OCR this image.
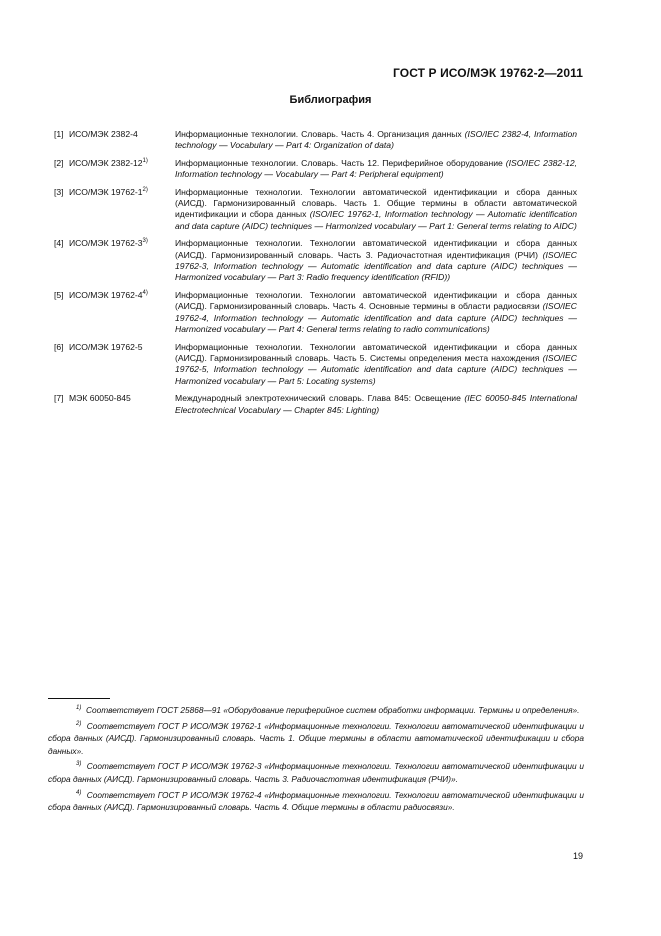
ГОСТ Р ИСО/МЭК 19762-2—2011
Библиография
[1] ИСО/МЭК 2382-4	Информационные технологии. Словарь. Часть 4. Организация данных (ISO/IEC 2382-4, Information technology — Vocabulary — Part 4: Organization of data)
[2] ИСО/МЭК 2382-12$^{1)}$	Информационные технологии. Словарь. Часть 12. Периферийное оборудование (ISO/IEC 2382-12, Information technology — Vocabulary — Part 4: Peripheral equipment)
[3] ИСО/МЭК 19762-1$^{2)}$	Информационные технологии. Технологии автоматической идентификации и сбора данных (АИСД). Гармонизированный словарь. Часть 1. Общие термины в области автоматической идентификации и сбора данных (ISO/IEC 19762-1, Information technology — Automatic identification and data capture (AIDC) techniques — Harmonized vocabulary — Part 1: General terms relating to AIDC)
[4] ИСО/МЭК 19762-3$^{3)}$	Информационные технологии. Технологии автоматической идентификации и сбора данных (АИСД). Гармонизированный словарь. Часть 3. Радиочастотная идентификация (РЧИ) (ISO/IEC 19762-3, Information technology — Automatic identification and data capture (AIDC) techniques — Harmonized vocabulary — Part 3: Radio frequency identification (RFID))
[5] ИСО/МЭК 19762-4$^{4)}$	Информационные технологии. Технологии автоматической идентификации и сбора данных (АИСД). Гармонизированный словарь. Часть 4. Основные термины в области радиосвязи (ISO/IEC 19762-4, Information technology — Automatic identification and data capture (AIDC) techniques — Harmonized vocabulary — Part 4: General terms relating to radio communications)
[6] ИСО/МЭК 19762-5	Информационные технологии. Технологии автоматической идентификации и сбора данных (АИСД). Гармонизированный словарь. Часть 5. Системы определения места нахождения (ISO/IEC 19762-5, Information technology — Automatic identification and data capture (AIDC) techniques — Harmonized vocabulary — Part 5: Locating systems)
[7] МЭК 60050-845	Международный электротехнический словарь. Глава 845: Освещение (IEC 60050-845 International Electrotechnical Vocabulary — Chapter 845: Lighting)
$^{1)}$ Соответствует ГОСТ 25868—91 «Оборудование периферийное систем обработки информации. Термины и определения».
$^{2)}$ Соответствует ГОСТ Р ИСО/МЭК 19762-1 «Информационные технологии. Технологии автоматической идентификации и сбора данных (АИСД). Гармонизированный словарь. Часть 1. Общие термины в области автоматической идентификации и сбора данных».
$^{3)}$ Соответствует ГОСТ Р ИСО/МЭК 19762-3 «Информационные технологии. Технологии автоматической идентификации и сбора данных (АИСД). Гармонизированный словарь. Часть 3. Радиочастотная идентификация (РЧИ)».
$^{4)}$ Соответствует ГОСТ Р ИСО/МЭК 19762-4 «Информационные технологии. Технологии автоматической идентификации и сбора данных (АИСД). Гармонизированный словарь. Часть 4. Общие термины в области радиосвязи».
19
